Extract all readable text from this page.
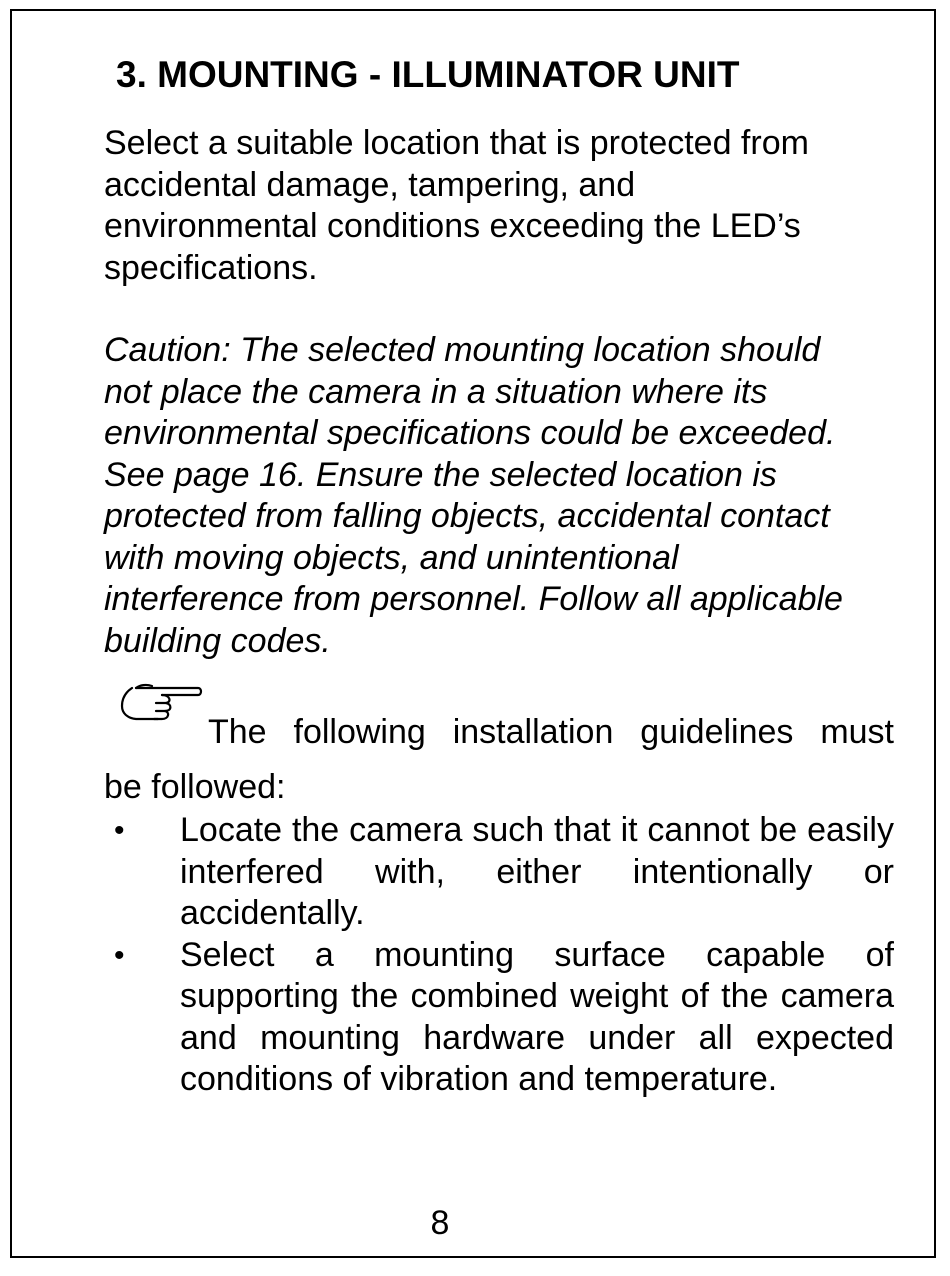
3. MOUNTING - ILLUMINATOR UNIT
Select a suitable location that is protected from
accidental damage, tampering, and
environmental conditions exceeding the LED’s
specifications.
Caution: The selected mounting location should
not place the camera in a situation where its
environmental specifications could be exceeded.
See page 16. Ensure the selected location is
protected from falling objects, accidental contact
with moving objects, and unintentional
interference from personnel. Follow all applicable
building codes.

The following installation guidelines must

be followed:

• Locate the camera such that it cannot be easily interfered with, either intentionally or accidentally.
• Select a mounting surface capable of supporting the combined weight of the camera and mounting hardware under all expected conditions of vibration and temperature.

8
